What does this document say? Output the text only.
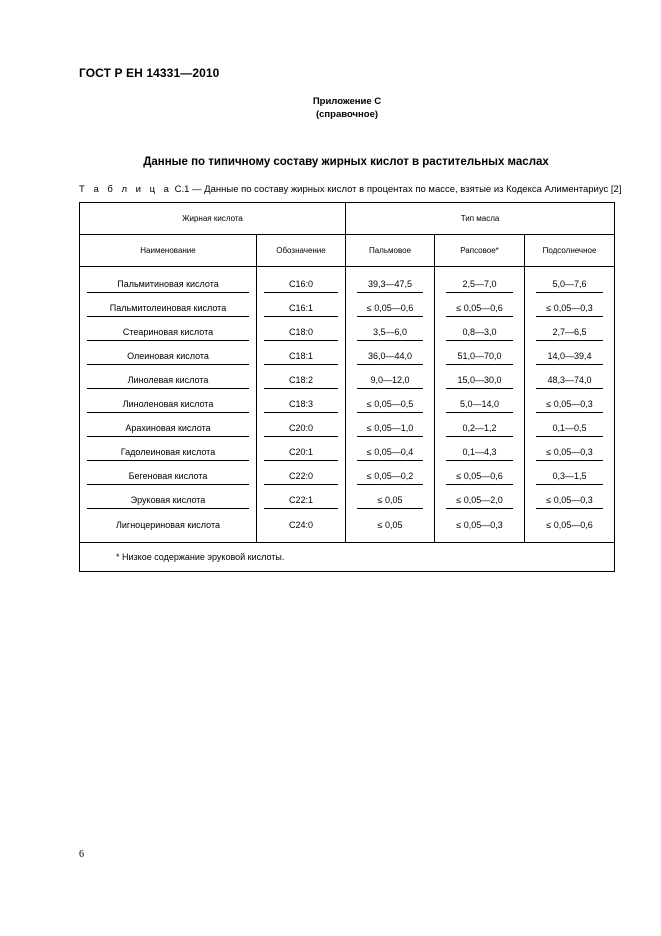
ГОСТ Р ЕН 14331—2010
Приложение С
(справочное)
Данные по типичному составу жирных кислот в растительных маслах
Т а б л и ц а С.1 — Данные по составу жирных кислот в процентах по массе, взятые из Кодекса Алиментариус [2]
Жирная кислота		Тип масла		
Наименование	Обозначение	Пальмовое	Рапсовое*	Подсолнечное
Пальмитиновая кислота	C16:0	39,3—47,5	2,5—7,0	5,0—7,6
Пальмитолеиновая кислота	C16:1	≤ 0,05—0,6	≤ 0,05—0,6	≤ 0,05—0,3
Стеариновая кислота	C18:0	3,5—6,0	0,8—3,0	2,7—6,5
Олеиновая кислота	C18:1	36,0—44,0	51,0—70,0	14,0—39,4
Линолевая кислота	C18:2	9,0—12,0	15,0—30,0	48,3—74,0
Линоленовая кислота	C18:3	≤ 0,05—0,5	5,0—14,0	≤ 0,05—0,3
Арахиновая кислота	C20:0	≤ 0,05—1,0	0,2—1,2	0,1—0,5
Гадолеиновая кислота	C20:1	≤ 0,05—0,4	0,1—4,3	≤ 0,05—0,3
Бегеновая кислота	C22:0	≤ 0,05—0,2	≤ 0,05—0,6	0,3—1,5
Эруковая кислота	C22:1	≤ 0,05	≤ 0,05—2,0	≤ 0,05—0,3
Лигноцериновая кислота	C24:0	≤ 0,05	≤ 0,05—0,3	≤ 0,05—0,6
* Низкое содержание эруковой кислоты.				
6
